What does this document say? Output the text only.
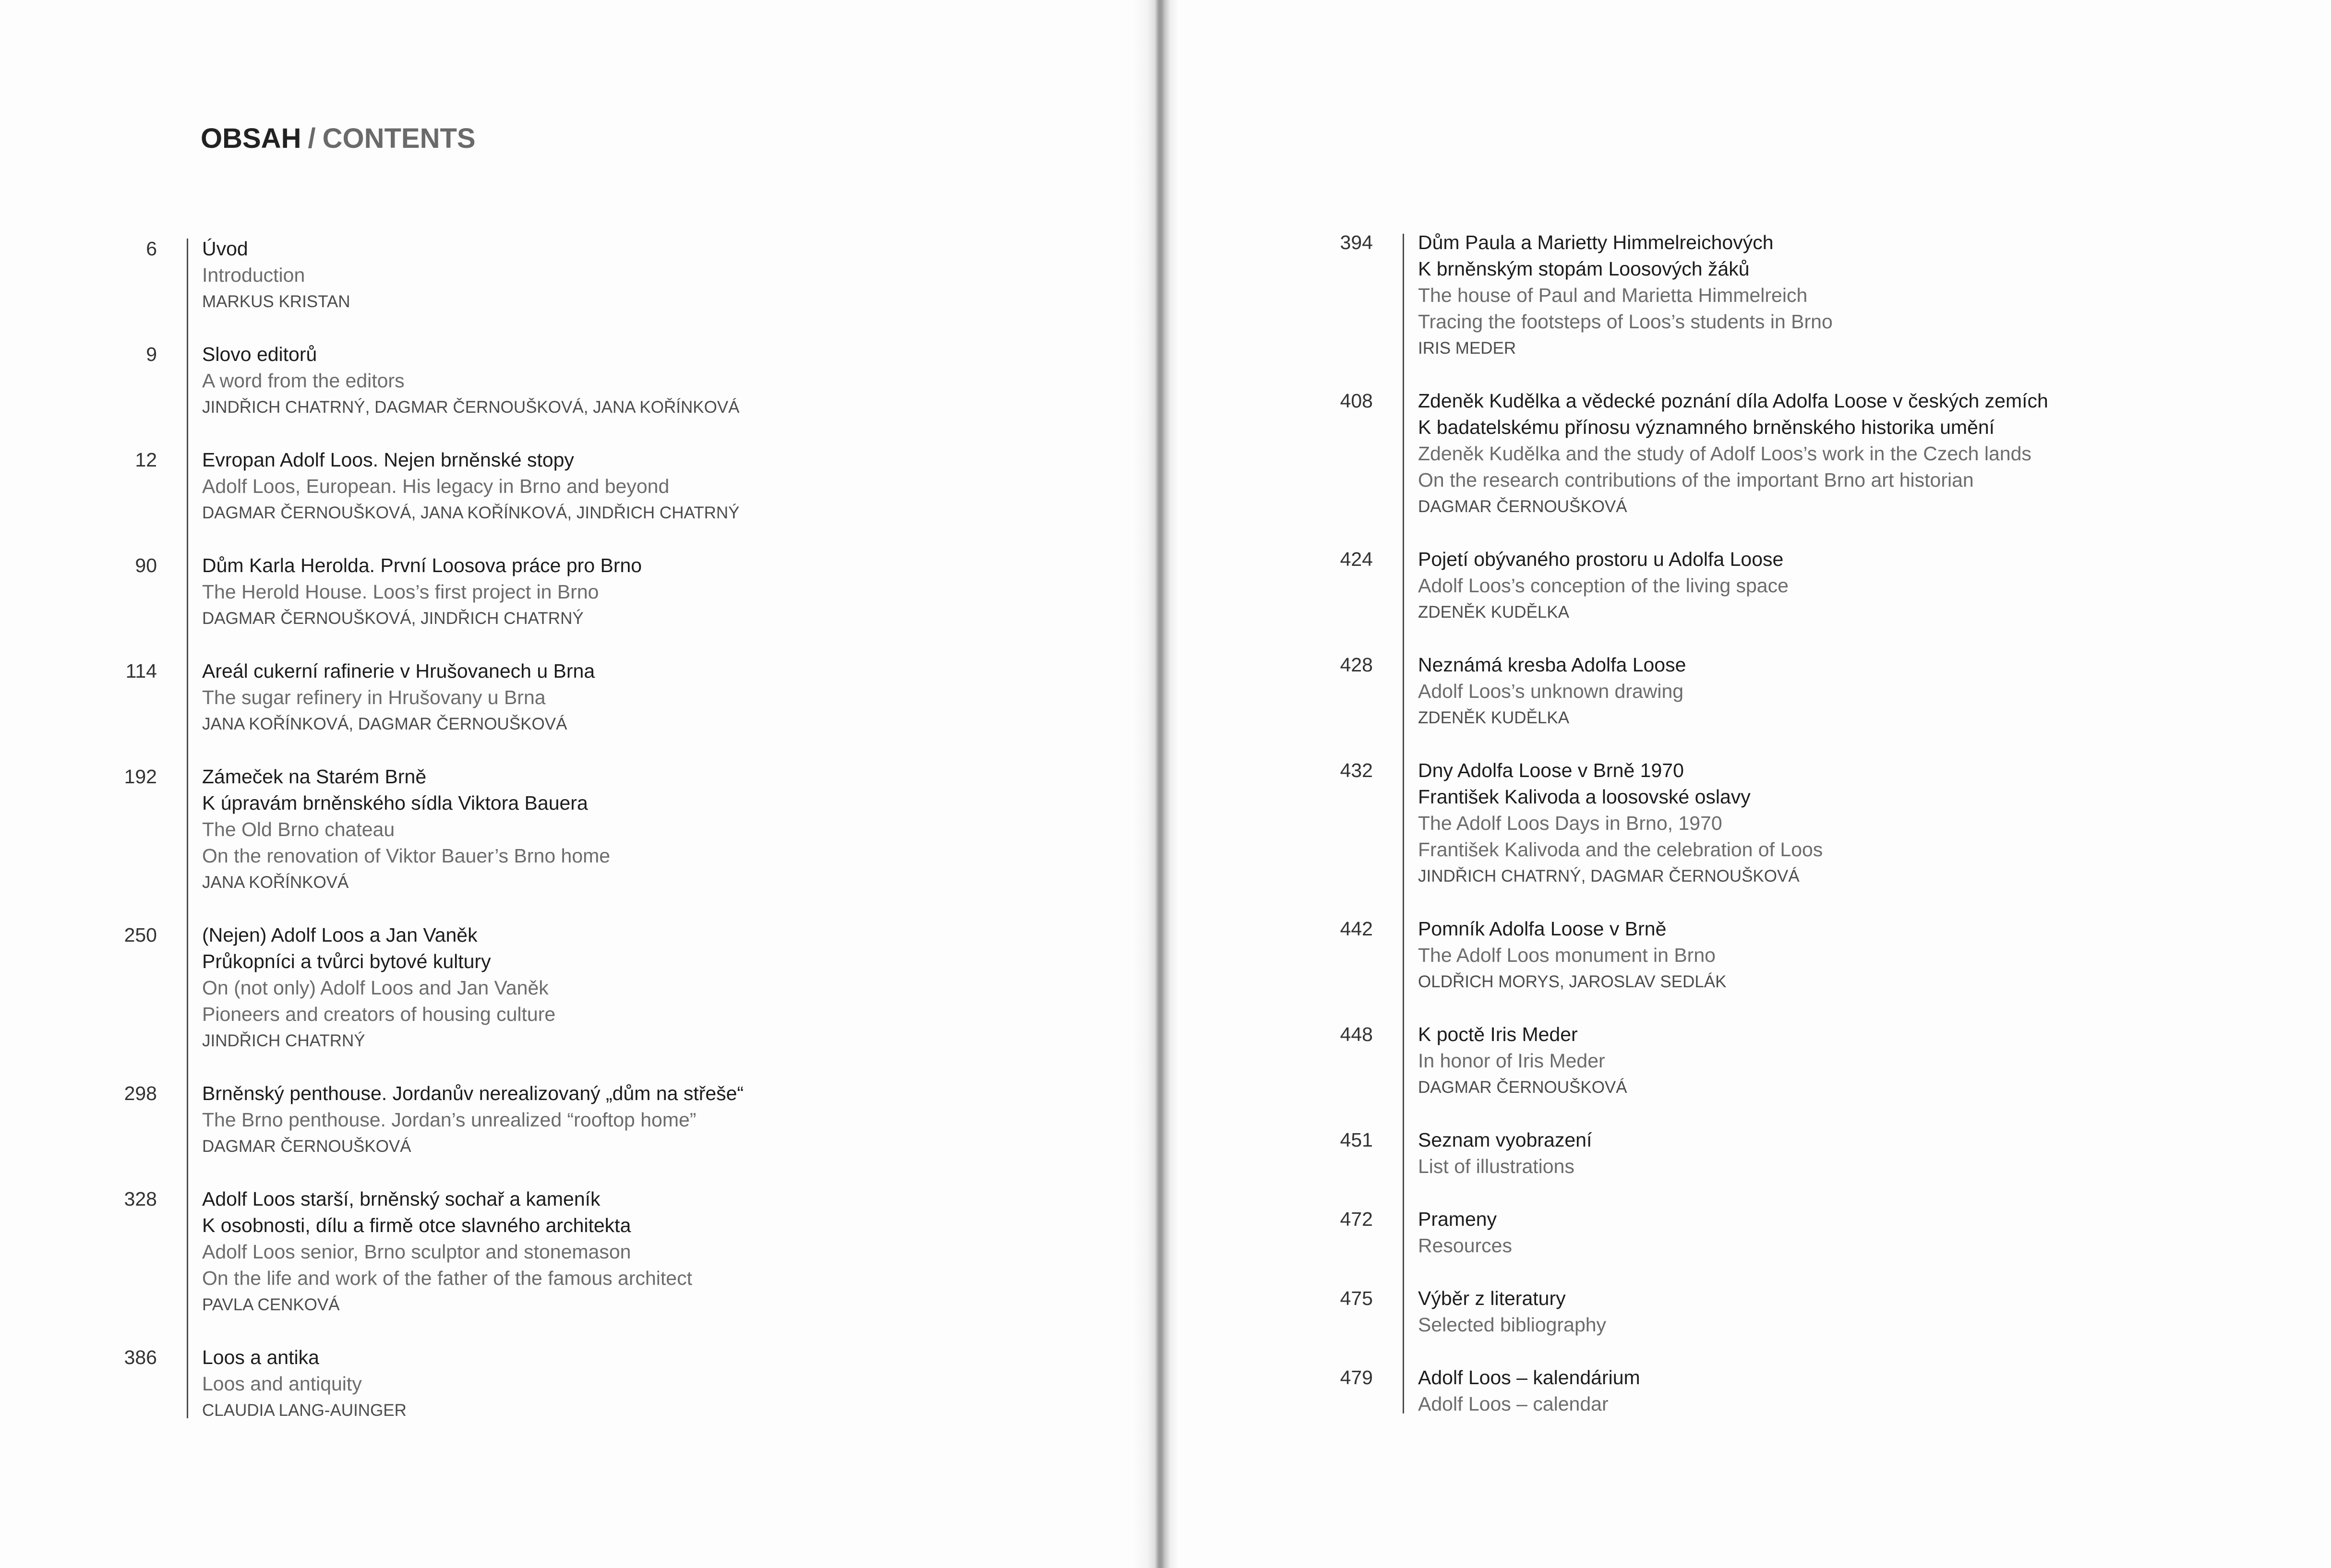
OBSAH / CONTENTS
6 Úvod
Introduction
MARKUS KRISTAN
9 Slovo editorů
A word from the editors
JINDŘICH CHATRNÝ, DAGMAR ČERNOUŠKOVÁ, JANA KOŘÍNKOVÁ
12 Evropan Adolf Loos. Nejen brněnské stopy
Adolf Loos, European. His legacy in Brno and beyond
DAGMAR ČERNOUŠKOVÁ, JANA KOŘÍNKOVÁ, JINDŘICH CHATRNÝ
90 Dům Karla Herolda. První Loosova práce pro Brno
The Herold House. Loos’s first project in Brno
DAGMAR ČERNOUŠKOVÁ, JINDŘICH CHATRNÝ
114 Areál cukerní rafinerie v Hrušovanech u Brna
The sugar refinery in Hrušovany u Brna
JANA KOŘÍNKOVÁ, DAGMAR ČERNOUŠKOVÁ
192 Zámeček na Starém Brně
K úpravám brněnského sídla Viktora Bauera
The Old Brno chateau
On the renovation of Viktor Bauer’s Brno home
JANA KOŘÍNKOVÁ
250 (Nejen) Adolf Loos a Jan Vaněk
Průkopníci a tvůrci bytové kultury
On (not only) Adolf Loos and Jan Vaněk
Pioneers and creators of housing culture
JINDŘICH CHATRNÝ
298 Brněnský penthouse. Jordanův nerealizovaný „dům na střeše“
The Brno penthouse. Jordan’s unrealized “rooftop home”
DAGMAR ČERNOUŠKOVÁ
328 Adolf Loos starší, brněnský sochař a kameník
K osobnosti, dílu a firmě otce slavného architekta
Adolf Loos senior, Brno sculptor and stonemason
On the life and work of the father of the famous architect
PAVLA CENKOVÁ
386 Loos a antika
Loos and antiquity
CLAUDIA LANG-AUINGER
394 Dům Paula a Marietty Himmelreichových
K brněnským stopám Loosových žáků
The house of Paul and Marietta Himmelreich
Tracing the footsteps of Loos’s students in Brno
IRIS MEDER
408 Zdeněk Kudělka a vědecké poznání díla Adolfa Loose v českých zemích
K badatelskému přínosu významného brněnského historika umění
Zdeněk Kudělka and the study of Adolf Loos’s work in the Czech lands
On the research contributions of the important Brno art historian
DAGMAR ČERNOUŠKOVÁ
424 Pojetí obývaného prostoru u Adolfa Loose
Adolf Loos’s conception of the living space
ZDENĚK KUDĚLKA
428 Neznámá kresba Adolfa Loose
Adolf Loos’s unknown drawing
ZDENĚK KUDĚLKA
432 Dny Adolfa Loose v Brně 1970
František Kalivoda a loosovské oslavy
The Adolf Loos Days in Brno, 1970
František Kalivoda and the celebration of Loos
JINDŘICH CHATRNÝ, DAGMAR ČERNOUŠKOVÁ
442 Pomník Adolfa Loose v Brně
The Adolf Loos monument in Brno
OLDŘICH MORYS, JAROSLAV SEDLÁK
448 K poctě Iris Meder
In honor of Iris Meder
DAGMAR ČERNOUŠKOVÁ
451 Seznam vyobrazení
List of illustrations
472 Prameny
Resources
475 Výběr z literatury
Selected bibliography
479 Adolf Loos – kalendárium
Adolf Loos – calendar
